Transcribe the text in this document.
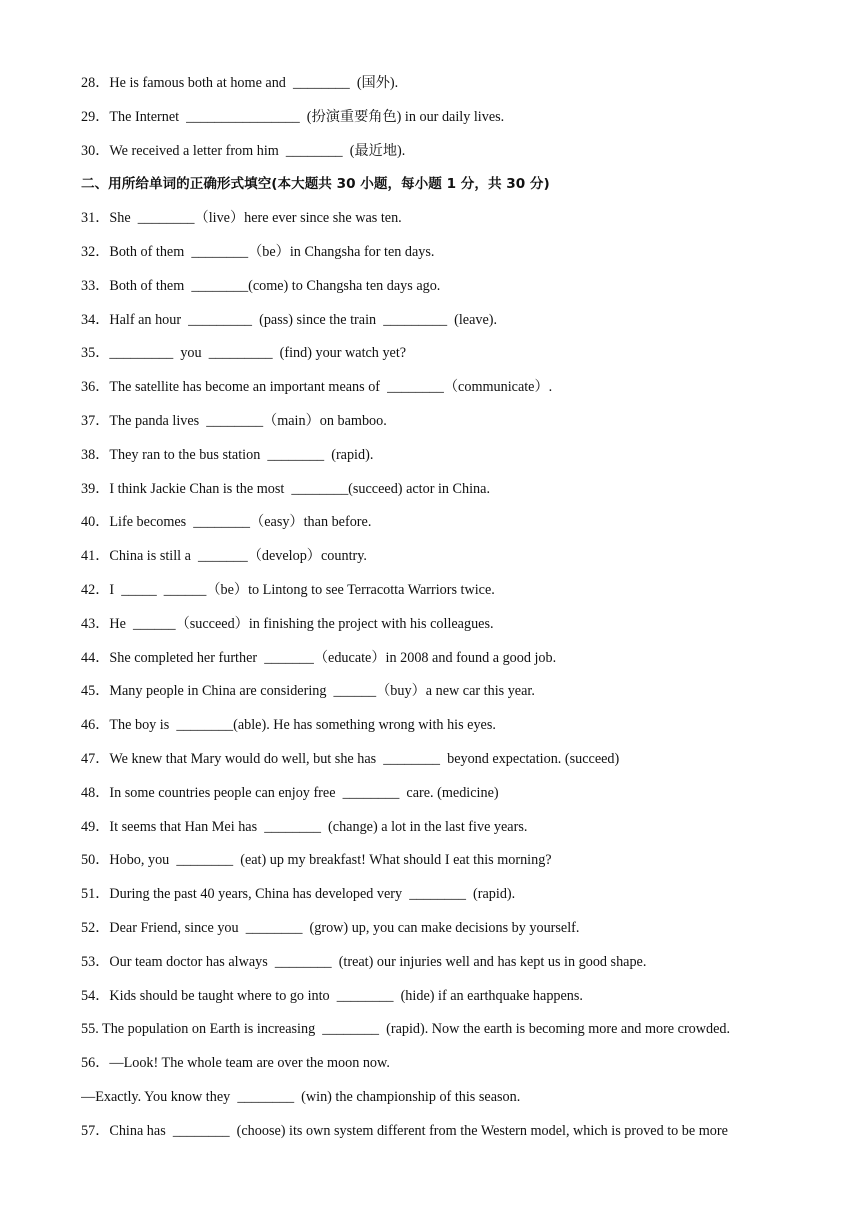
28．He is famous both at home and  ________  (国外).
29．The Internet  ________________  (扮演重要角色) in our daily lives.
30．We received a letter from him  ________  (最近地).
二、用所给单词的正确形式填空(本大题共 30 小题，每小题 1 分，共 30 分)
31．She  ________（live）here ever since she was ten.
32．Both of them  ________（be）in Changsha for ten days.
33．Both of them  ________(come) to Changsha ten days ago.
34．Half an hour  _________  (pass) since the train  _________  (leave).
35．_________  you  _________  (find) your watch yet?
36．The satellite has become an important means of  ________（communicate）.
37．The panda lives  ________（main）on bamboo.
38．They ran to the bus station  ________  (rapid).
39．I think Jackie Chan is the most  ________(succeed) actor in China.
40．Life becomes  ________（easy）than before.
41．China is still a  _______（develop）country.
42．I  _____  ______（be）to Lintong to see Terracotta Warriors twice.
43．He  ______（succeed）in finishing the project with his colleagues.
44．She completed her further  _______（educate）in 2008 and found a good job.
45．Many people in China are considering  ______（buy）a new car this year.
46．The boy is  ________(able). He has something wrong with his eyes.
47．We knew that Mary would do well, but she has  ________  beyond expectation. (succeed)
48．In some countries people can enjoy free  ________  care. (medicine)
49．It seems that Han Mei has  ________  (change) a lot in the last five years.
50．Hobo, you  ________  (eat) up my breakfast! What should I eat this morning?
51．During the past 40 years, China has developed very  ________  (rapid).
52．Dear Friend, since you  ________  (grow) up, you can make decisions by yourself.
53．Our team doctor has always  ________  (treat) our injuries well and has kept us in good shape.
54．Kids should be taught where to go into  ________  (hide) if an earthquake happens.
55. The population on Earth is increasing  ________  (rapid). Now the earth is becoming more and more crowded.
56．—Look! The whole team are over the moon now.
—Exactly. You know they  ________  (win) the championship of this season.
57．China has  ________  (choose) its own system different from the Western model, which is proved to be more
